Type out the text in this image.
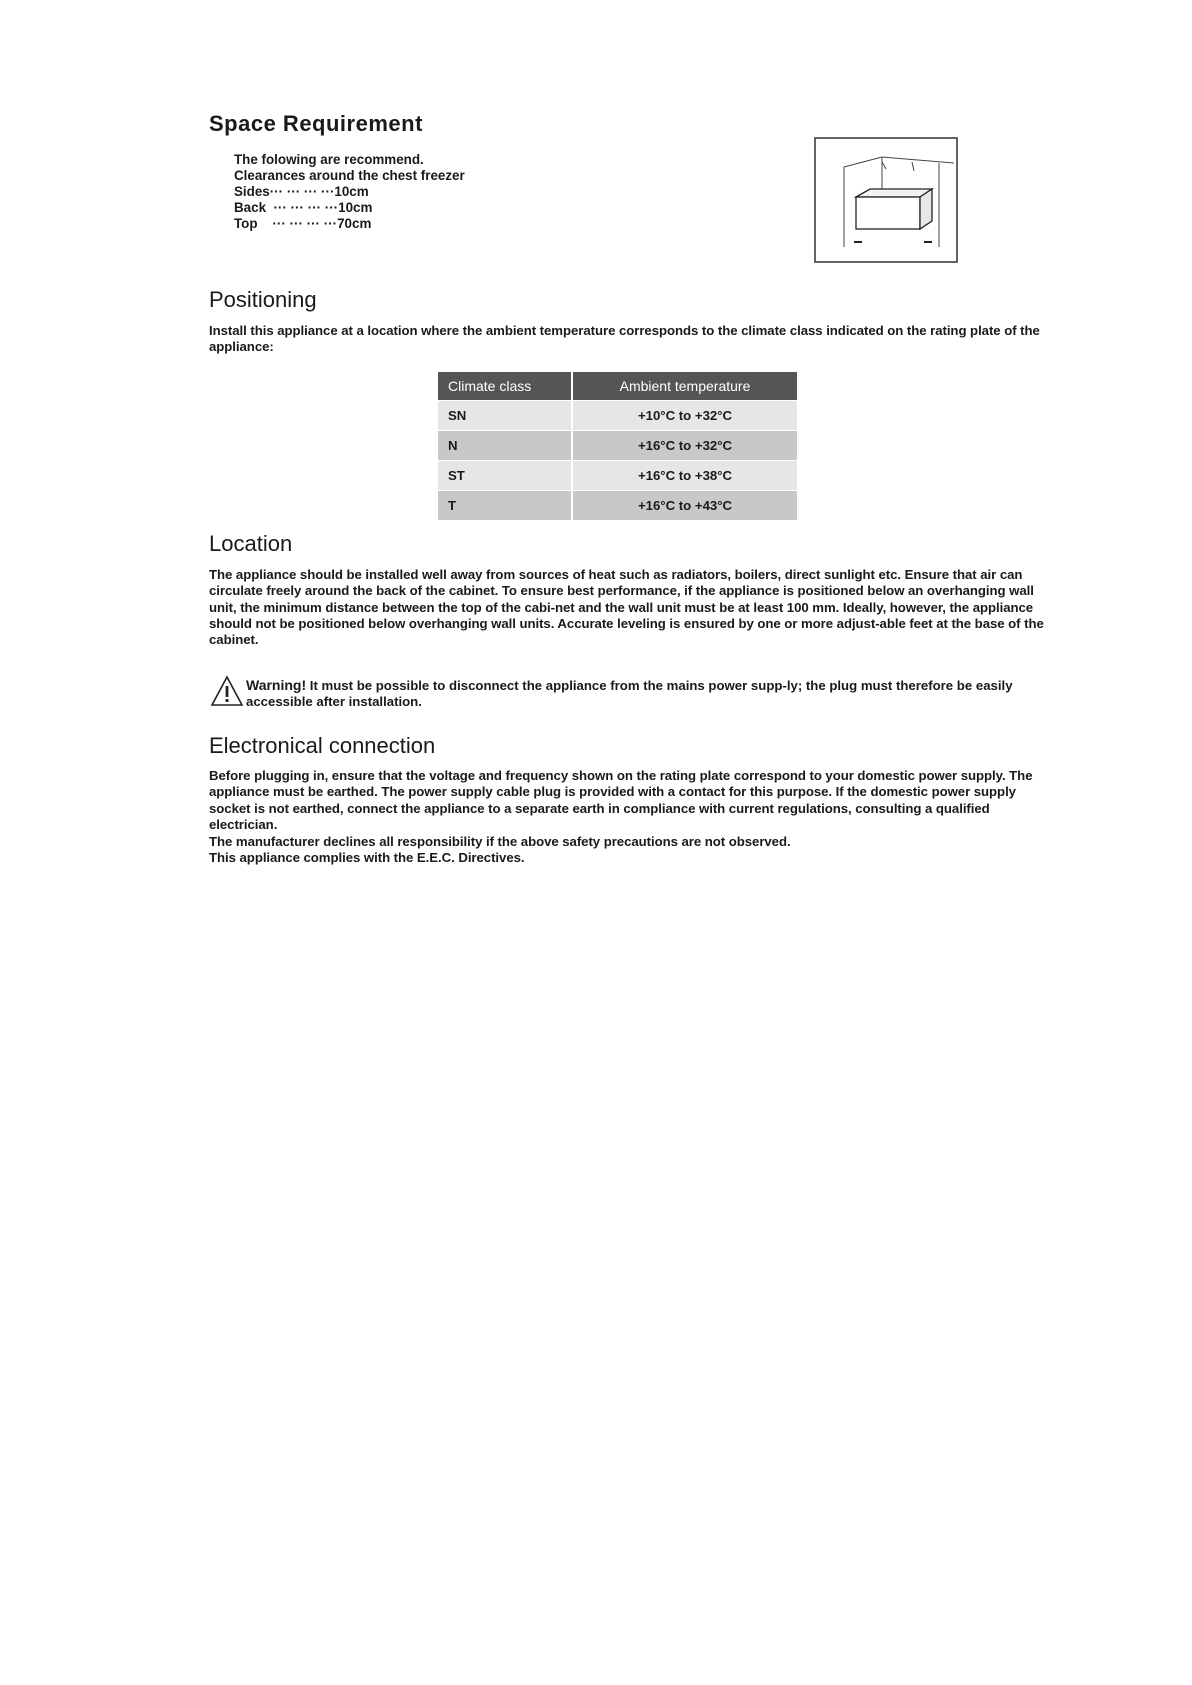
Space Requirement
The folowing are recommend.
Clearances around the chest freezer
Sides··· ··· ··· ···10cm
Back  ··· ··· ··· ···10cm
Top    ··· ··· ··· ···70cm
Positioning

Install this appliance at a location where the ambient temperature corresponds to the climate class indicated on the rating plate of the appliance:

Climate class	Ambient temperature
SN	+10°C to +32°C
N	+16°C to +32°C
ST	+16°C to +38°C
T	+16°C to +43°C
Location

The appliance should be installed well away from sources of heat such as radiators, boilers, direct sunlight etc. Ensure that air can circulate freely around the back of the cabinet. To ensure best performance, if the appliance is positioned below an overhanging wall unit, the minimum distance between the top of the cabi-net and the wall unit must be at least 100 mm. Ideally, however, the appliance should not be positioned below overhanging wall units. Accurate leveling is ensured by one or more adjust-able feet at the base of the cabinet.

Warning! It must be possible to disconnect the appliance from the mains power supp-ly; the plug must therefore be easily accessible after installation.

Electronical connection

Before plugging in, ensure that the voltage and frequency shown on the rating plate correspond to your domestic power supply. The appliance must be earthed. The power supply cable plug is provided with a contact for this purpose. If the domestic power supply socket is not earthed, connect the appliance to a separate earth in compliance with current regulations, consulting a qualified electrician.

The manufacturer declines all responsibility if the above safety precautions are not observed.

This appliance complies with the E.E.C. Directives.
